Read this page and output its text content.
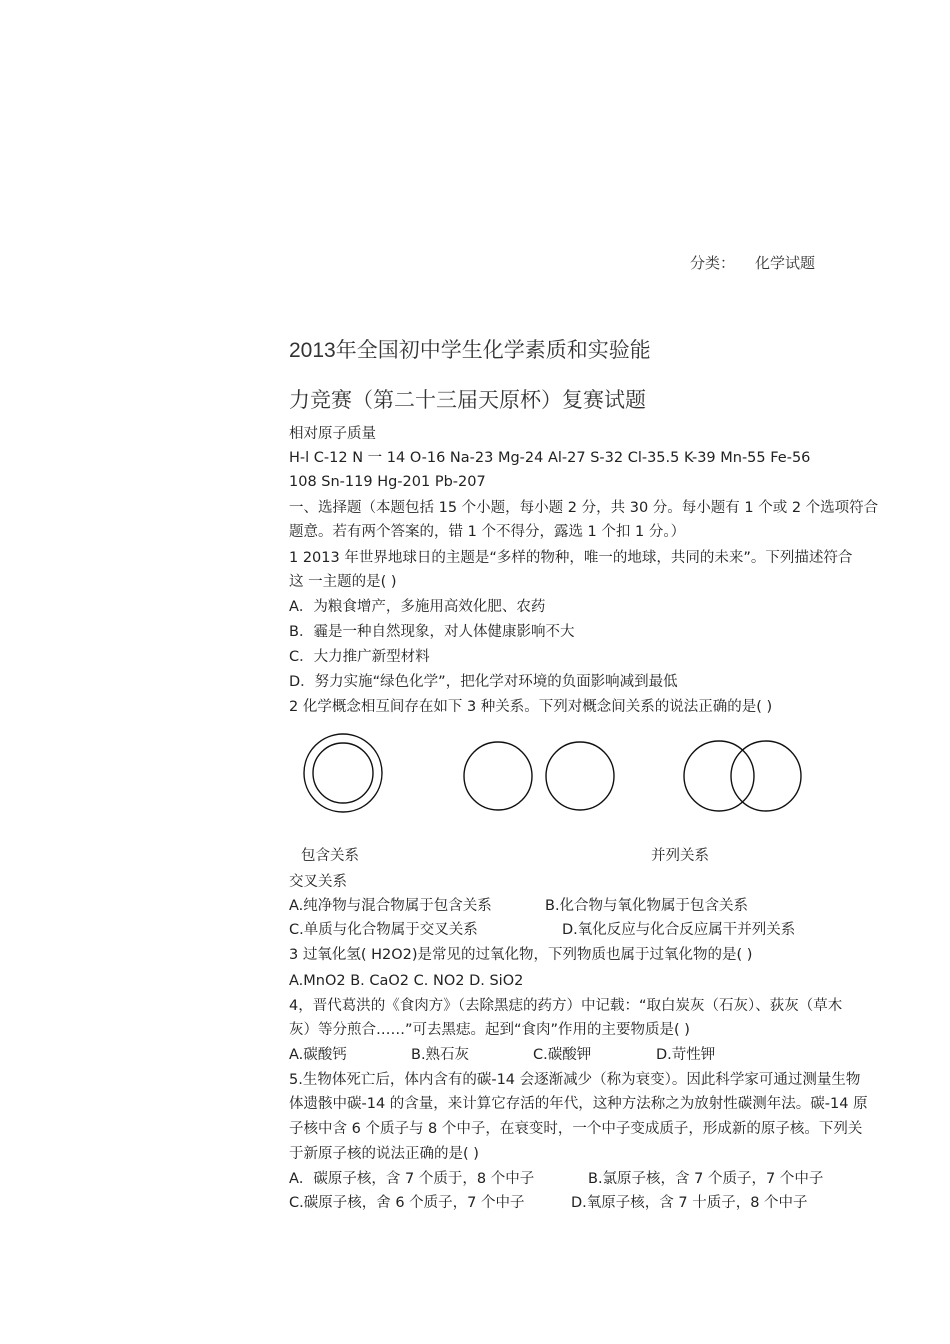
分类： 化学试题
2013年全国初中学生化学素质和实验能
力竞赛（第二十三届天原杯）复赛试题
相对原子质量
H-l C-12 N 一 14 O-16 Na-23 Mg-24 Al-27 S-32 Cl-35.5 K-39 Mn-55 Fe-56
108 Sn-119 Hg-201 Pb-207
一、选择题（本题包括 15 个小题，每小题 2 分，共 30 分。每小题有 1 个或 2 个选项符合
题意。若有两个答案的，错 1 个不得分，露选 1 个扣 1 分。）
1 2013 年世界地球日的主题是“多样的物种，唯一的地球，共同的未来”。下列描述符合
这 一主题的是( )
A．为粮食增产，多施用高效化肥、农药
B．霾是一种自然现象，对人体健康影响不大
C．大力推广新型材料
D．努力实施“绿色化学”，把化学对环境的负面影响减到最低
2 化学概念相互间存在如下 3 种关系。下列对概念间关系的说法正确的是( )
包含关系	并列关系
交叉关系
A.纯净物与混合物属于包含关系	B.化合物与氧化物属于包含关系
C.单质与化合物属于交叉关系	D.氧化反应与化合反应属干并列关系
3 过氧化氢( H2O2)是常见的过氧化物，下列物质也属于过氧化物的是( )
A.MnO2 B. CaO2 C. NO2 D. SiO2
4，晋代葛洪的《食肉方》（去除黑痣的药方）中记载：“取白炭灰（石灰）、荻灰（草木
灰）等分煎合……”可去黑痣。起到“食肉”作用的主要物质是( )
A.碳酸钙	B.熟石灰	C.碳酸钾	D.苛性钾
5.生物体死亡后，体内含有的碳-14 会逐渐减少（称为衰变）。因此科学家可通过测量生物
体遗骸中碳-14 的含量，来计算它存活的年代，这种方法称之为放射性碳测年法。碳-14 原
子核中含 6 个质子与 8 个中子，在衰变时，一个中子变成质子，形成新的原子核。下列关
于新原子核的说法正确的是( )
A．碳原子核，含 7 个质于，8 个中子	B.氯原子核，含 7 个质子，7 个中子
C.碳原子核，舍 6 个质子，7 个中子	D.氧原子核，含 7 十质子，8 个中子
